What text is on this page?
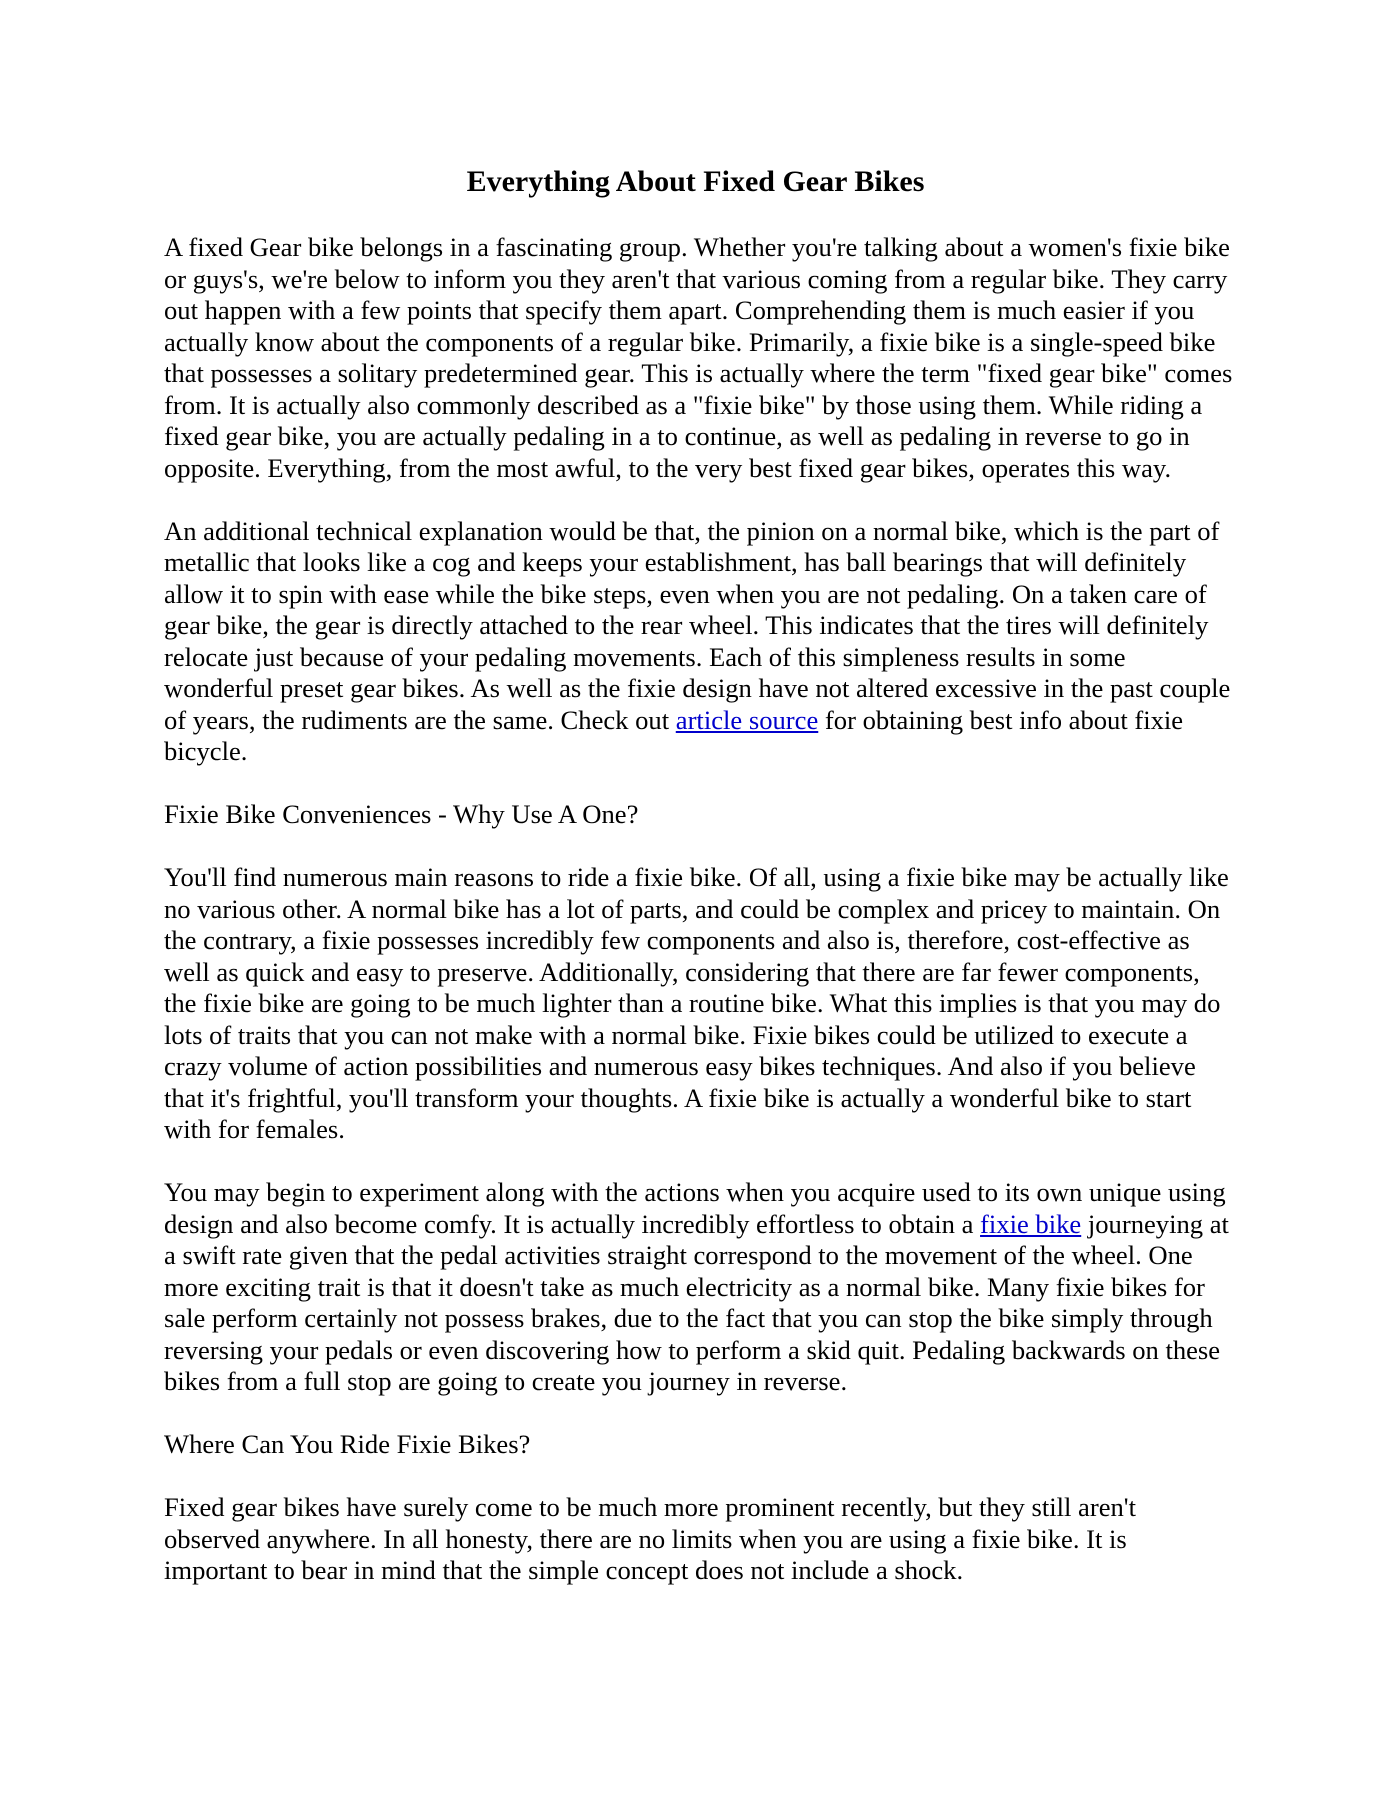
Everything About Fixed Gear Bikes

A fixed Gear bike belongs in a fascinating group. Whether you're talking about a women's fixie bike or guys's, we're below to inform you they aren't that various coming from a regular bike. They carry out happen with a few points that specify them apart. Comprehending them is much easier if you actually know about the components of a regular bike. Primarily, a fixie bike is a single-speed bike that possesses a solitary predetermined gear. This is actually where the term "fixed gear bike" comes from. It is actually also commonly described as a "fixie bike" by those using them. While riding a fixed gear bike, you are actually pedaling in a to continue, as well as pedaling in reverse to go in opposite. Everything, from the most awful, to the very best fixed gear bikes, operates this way.

An additional technical explanation would be that, the pinion on a normal bike, which is the part of metallic that looks like a cog and keeps your establishment, has ball bearings that will definitely allow it to spin with ease while the bike steps, even when you are not pedaling. On a taken care of gear bike, the gear is directly attached to the rear wheel. This indicates that the tires will definitely relocate just because of your pedaling movements. Each of this simpleness results in some wonderful preset gear bikes. As well as the fixie design have not altered excessive in the past couple of years, the rudiments are the same. Check out article source for obtaining best info about fixie bicycle.

Fixie Bike Conveniences - Why Use A One?

You'll find numerous main reasons to ride a fixie bike. Of all, using a fixie bike may be actually like no various other. A normal bike has a lot of parts, and could be complex and pricey to maintain. On the contrary, a fixie possesses incredibly few components and also is, therefore, cost-effective as well as quick and easy to preserve. Additionally, considering that there are far fewer components, the fixie bike are going to be much lighter than a routine bike. What this implies is that you may do lots of traits that you can not make with a normal bike. Fixie bikes could be utilized to execute a crazy volume of action possibilities and numerous easy bikes techniques. And also if you believe that it's frightful, you'll transform your thoughts. A fixie bike is actually a wonderful bike to start with for females.

You may begin to experiment along with the actions when you acquire used to its own unique using design and also become comfy. It is actually incredibly effortless to obtain a fixie bike journeying at a swift rate given that the pedal activities straight correspond to the movement of the wheel. One more exciting trait is that it doesn't take as much electricity as a normal bike. Many fixie bikes for sale perform certainly not possess brakes, due to the fact that you can stop the bike simply through reversing your pedals or even discovering how to perform a skid quit. Pedaling backwards on these bikes from a full stop are going to create you journey in reverse.

Where Can You Ride Fixie Bikes?

Fixed gear bikes have surely come to be much more prominent recently, but they still aren't observed anywhere. In all honesty, there are no limits when you are using a fixie bike. It is important to bear in mind that the simple concept does not include a shock.
